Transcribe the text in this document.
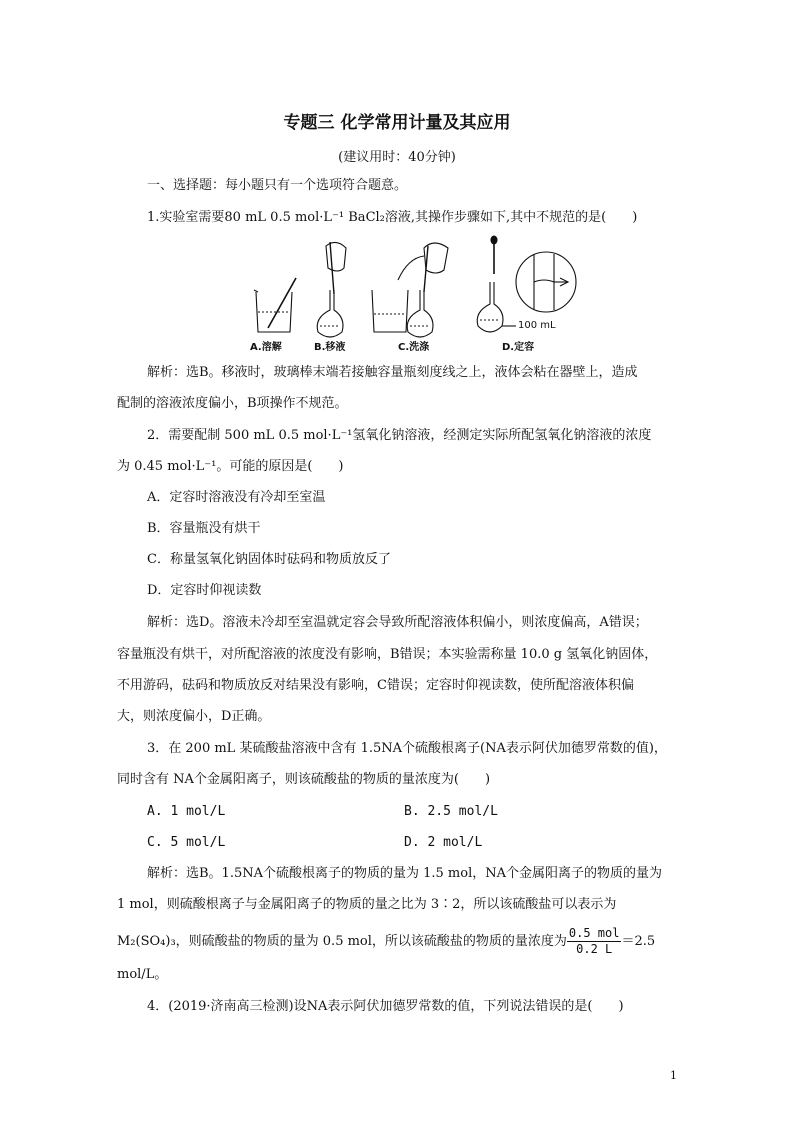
专题三 化学常用计量及其应用
(建议用时：40分钟)
一、选择题：每小题只有一个选项符合题意。
1.实验室需要80 mL 0.5 mol·L⁻¹ BaCl₂溶液,其操作步骤如下,其中不规范的是(　　)
A.溶解	B.移液	C.洗涤	D.定容
100 mL
解析：选B。移液时，玻璃棒末端若接触容量瓶刻度线之上，液体会粘在器壁上，造成
配制的溶液浓度偏小，B项操作不规范。
2．需要配制 500 mL 0.5 mol·L⁻¹氢氧化钠溶液，经测定实际所配氢氧化钠溶液的浓度
为 0.45 mol·L⁻¹。可能的原因是(　　)
A．定容时溶液没有冷却至室温
B．容量瓶没有烘干
C．称量氢氧化钠固体时砝码和物质放反了
D．定容时仰视读数
解析：选D。溶液未冷却至室温就定容会导致所配溶液体积偏小，则浓度偏高，A错误；
容量瓶没有烘干，对所配溶液的浓度没有影响，B错误；本实验需称量 10.0 g 氢氧化钠固体，
不用游码，砝码和物质放反对结果没有影响，C错误；定容时仰视读数，使所配溶液体积偏
大，则浓度偏小，D正确。
3．在 200 mL 某硫酸盐溶液中含有 1.5NA个硫酸根离子(NA表示阿伏加德罗常数的值)，
同时含有 NA个金属阳离子，则该硫酸盐的物质的量浓度为(　　)
A. 1 mol/L	B. 2.5 mol/L
C. 5 mol/L	D. 2 mol/L
解析：选B。1.5NA个硫酸根离子的物质的量为 1.5 mol，NA个金属阳离子的物质的量为
1 mol，则硫酸根离子与金属阳离子的物质的量之比为 3∶2，所以该硫酸盐可以表示为
M₂(SO₄)₃，则硫酸盐的物质的量为 0.5 mol，所以该硫酸盐的物质的量浓度为 $\frac{\text{0.5 mol}}{0.2 L} =2.5$
mol/L。
4．(2019·济南高三检测)设NA表示阿伏加德罗常数的值，下列说法错误的是(　　)
1
